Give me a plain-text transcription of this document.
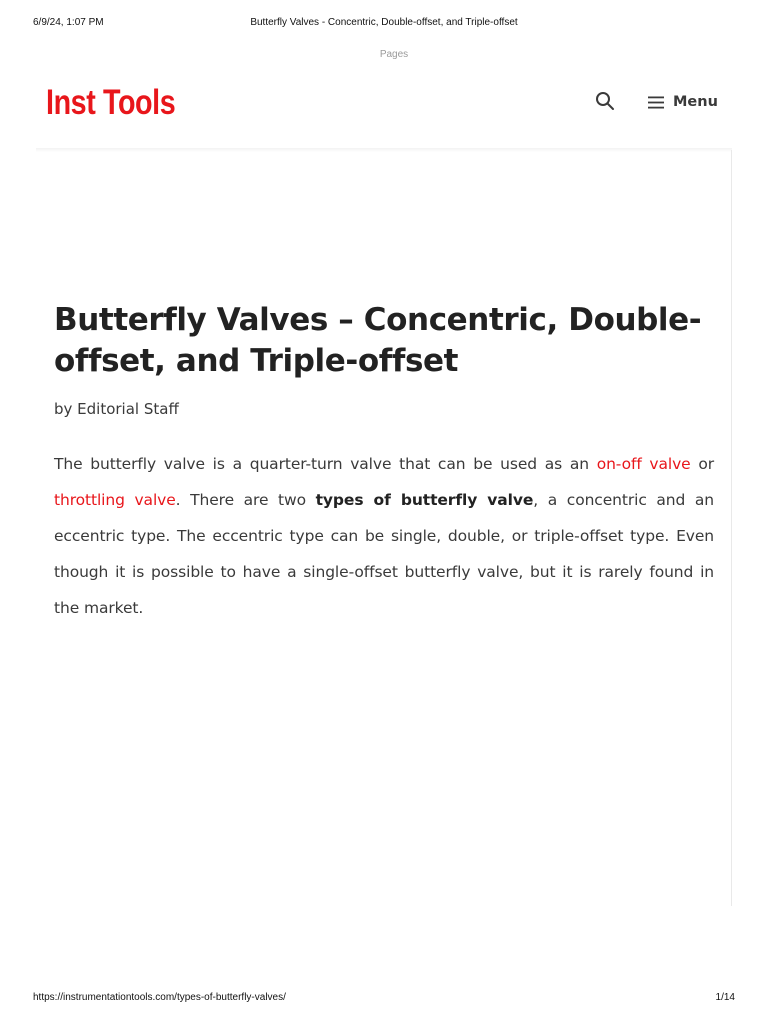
6/9/24, 1:07 PM	Butterfly Valves - Concentric, Double-offset, and Triple-offset
Pages
Inst Tools	Menu
Butterfly Valves – Concentric, Double-offset, and Triple-offset
by Editorial Staff

The butterfly valve is a quarter-turn valve that can be used as an on-off valve or throttling valve. There are two types of butterfly valve, a concentric and an eccentric type. The eccentric type can be single, double, or triple-offset type. Even though it is possible to have a single-offset butterfly valve, but it is rarely found in the market.

https://instrumentationtools.com/types-of-butterfly-valves/	1/14
